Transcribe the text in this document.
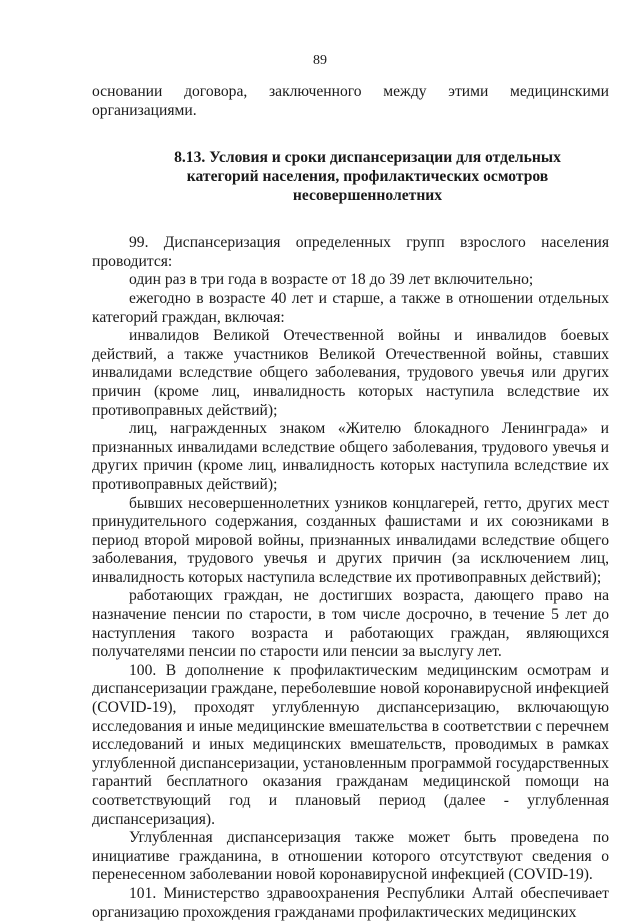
89

основании договора, заключенного между этими медицинскими организациями.

8.13. Условия и сроки диспансеризации для отдельных категорий населения, профилактических осмотров несовершеннолетних

99. Диспансеризация определенных групп взрослого населения проводится:

один раз в три года в возрасте от 18 до 39 лет включительно;

ежегодно в возрасте 40 лет и старше, а также в отношении отдельных категорий граждан, включая:

инвалидов Великой Отечественной войны и инвалидов боевых действий, а также участников Великой Отечественной войны, ставших инвалидами вследствие общего заболевания, трудового увечья или других причин (кроме лиц, инвалидность которых наступила вследствие их противоправных действий);

лиц, награжденных знаком «Жителю блокадного Ленинграда» и признанных инвалидами вследствие общего заболевания, трудового увечья и других причин (кроме лиц, инвалидность которых наступила вследствие их противоправных действий);

бывших несовершеннолетних узников концлагерей, гетто, других мест принудительного содержания, созданных фашистами и их союзниками в период второй мировой войны, признанных инвалидами вследствие общего заболевания, трудового увечья и других причин (за исключением лиц, инвалидность которых наступила вследствие их противоправных действий);

работающих граждан, не достигших возраста, дающего право на назначение пенсии по старости, в том числе досрочно, в течение 5 лет до наступления такого возраста и работающих граждан, являющихся получателями пенсии по старости или пенсии за выслугу лет.

100. В дополнение к профилактическим медицинским осмотрам и диспансеризации граждане, переболевшие новой коронавирусной инфекцией (COVID-19), проходят углубленную диспансеризацию, включающую исследования и иные медицинские вмешательства в соответствии с перечнем исследований и иных медицинских вмешательств, проводимых в рамках углубленной диспансеризации, установленным программой государственных гарантий бесплатного оказания гражданам медицинской помощи на соответствующий год и плановый период (далее - углубленная диспансеризация).

Углубленная диспансеризация также может быть проведена по инициативе гражданина, в отношении которого отсутствуют сведения о перенесенном заболевании новой коронавирусной инфекцией (COVID-19).

101. Министерство здравоохранения Республики Алтай обеспечивает организацию прохождения гражданами профилактических медицинских
